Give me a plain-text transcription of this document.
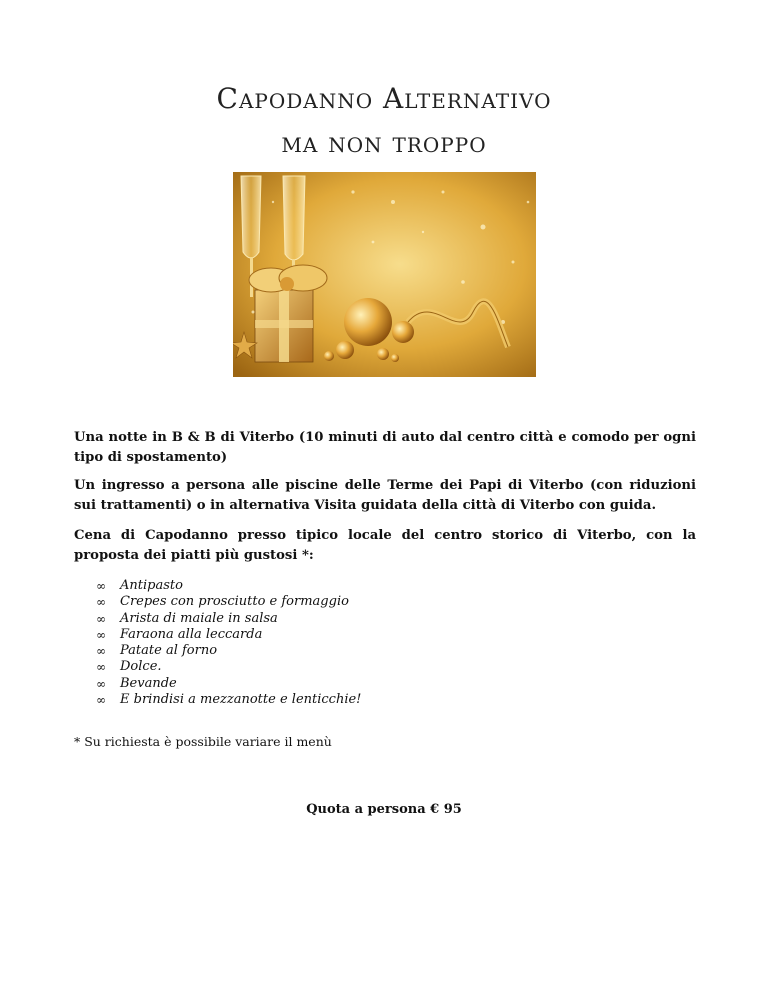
Capodanno Alternativo
ma non troppo

Una notte in B & B di Viterbo (10 minuti di auto dal centro città e comodo per ogni tipo di spostamento)

Un ingresso a persona alle piscine delle Terme dei Papi di Viterbo (con riduzioni sui trattamenti) o in alternativa Visita guidata della città di Viterbo con guida.

Cena di Capodanno presso tipico locale del centro storico di Viterbo, con la proposta dei piatti più gustosi *:

∞ Antipasto
∞ Crepes con prosciutto e formaggio
∞ Arista di maiale in salsa
∞ Faraona alla leccarda
∞ Patate al forno
∞ Dolce.
∞ Bevande
∞ E brindisi a mezzanotte e lenticchie!

* Su richiesta è possibile variare il menù

Quota a persona € 95
